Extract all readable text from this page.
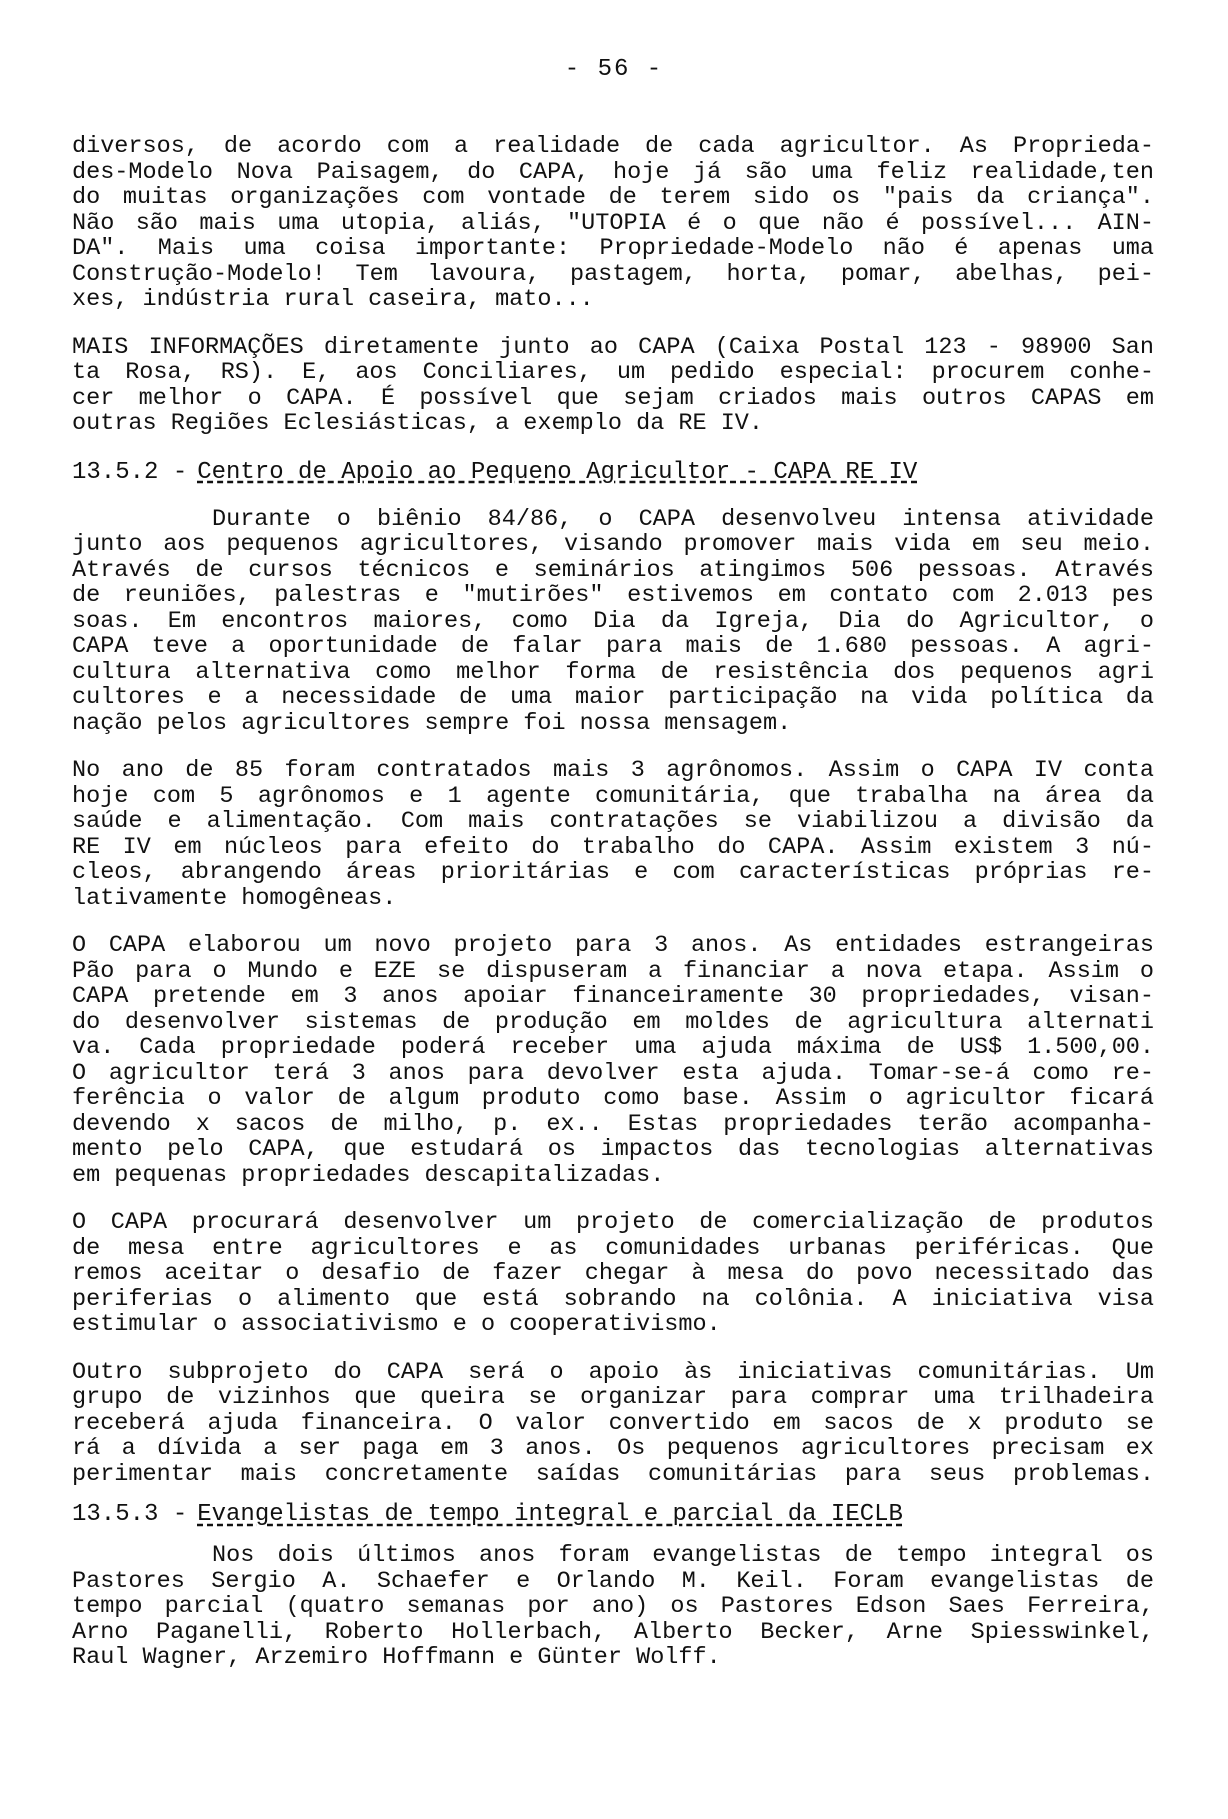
- 56 -
diversos, de acordo com a realidade de cada agricultor. As Proprieda-
des-Modelo Nova Paisagem, do CAPA, hoje já são uma feliz realidade,ten
do muitas organizações com vontade de terem sido os "pais da criança".
Não são mais uma utopia, aliás, "UTOPIA é o que não é possível... AIN-
DA". Mais uma coisa importante: Propriedade-Modelo não é apenas uma
Construção-Modelo! Tem lavoura, pastagem, horta, pomar, abelhas, pei-
xes, indústria rural caseira, mato...
MAIS INFORMAÇÕES diretamente junto ao CAPA (Caixa Postal 123 - 98900 San
ta Rosa, RS). E, aos Conciliares, um pedido especial: procurem conhe-
cer melhor o CAPA. É possível que sejam criados mais outros CAPAS em
outras Regiões Eclesiásticas, a exemplo da RE IV.
13.5.2 - Centro de Apoio ao Pequeno Agricultor - CAPA RE IV
Durante o biênio 84/86, o CAPA desenvolveu intensa atividade
junto aos pequenos agricultores, visando promover mais vida em seu meio.
Através de cursos técnicos e seminários atingimos 506 pessoas. Através
de reuniões, palestras e "mutirões" estivemos em contato com 2.013 pes
soas. Em encontros maiores, como Dia da Igreja, Dia do Agricultor, o
CAPA teve a oportunidade de falar para mais de 1.680 pessoas. A agri-
cultura alternativa como melhor forma de resistência dos pequenos agri
cultores e a necessidade de uma maior participação na vida política da
nação pelos agricultores sempre foi nossa mensagem.
No ano de 85 foram contratados mais 3 agrônomos. Assim o CAPA IV conta
hoje com 5 agrônomos e 1 agente comunitária, que trabalha na área da
saúde e alimentação. Com mais contratações se viabilizou a divisão da
RE IV em núcleos para efeito do trabalho do CAPA. Assim existem 3 nú-
cleos, abrangendo áreas prioritárias e com características próprias re-
lativamente homogêneas.
O CAPA elaborou um novo projeto para 3 anos. As entidades estrangeiras
Pão para o Mundo e EZE se dispuseram a financiar a nova etapa. Assim o
CAPA pretende em 3 anos apoiar financeiramente 30 propriedades, visan-
do desenvolver sistemas de produção em moldes de agricultura alternati
va. Cada propriedade poderá receber uma ajuda máxima de US$ 1.500,00.
O agricultor terá 3 anos para devolver esta ajuda. Tomar-se-á como re-
ferência o valor de algum produto como base. Assim o agricultor ficará
devendo x sacos de milho, p. ex.. Estas propriedades terão acompanha-
mento pelo CAPA, que estudará os impactos das tecnologias alternativas
em pequenas propriedades descapitalizadas.
O CAPA procurará desenvolver um projeto de comercialização de produtos
de mesa entre agricultores e as comunidades urbanas periféricas. Que
remos aceitar o desafio de fazer chegar à mesa do povo necessitado das
periferias o alimento que está sobrando na colônia. A iniciativa visa
estimular o associativismo e o cooperativismo.
Outro subprojeto do CAPA será o apoio às iniciativas comunitárias. Um
grupo de vizinhos que queira se organizar para comprar uma trilhadeira
receberá ajuda financeira. O valor convertido em sacos de x produto se
rá a dívida a ser paga em 3 anos. Os pequenos agricultores precisam ex
perimentar mais concretamente saídas comunitárias para seus problemas.
13.5.3 - Evangelistas de tempo integral e parcial da IECLB
Nos dois últimos anos foram evangelistas de tempo integral os
Pastores Sergio A. Schaefer e Orlando M. Keil. Foram evangelistas de
tempo parcial (quatro semanas por ano) os Pastores Edson Saes Ferreira,
Arno Paganelli, Roberto Hollerbach, Alberto Becker, Arne Spiesswinkel,
Raul Wagner, Arzemiro Hoffmann e Günter Wolff.
